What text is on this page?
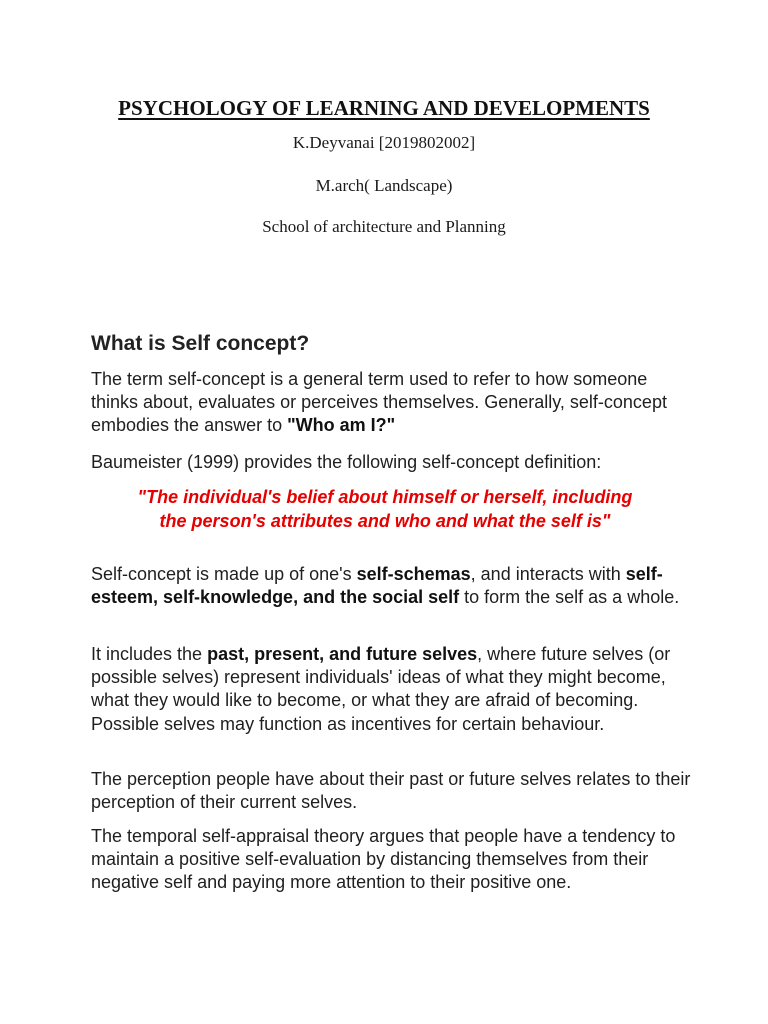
PSYCHOLOGY OF LEARNING AND DEVELOPMENTS
K.Deyvanai [2019802002]
M.arch( Landscape)
School of architecture and Planning
What is Self concept?
The term self-concept is a general term used to refer to how someone thinks about, evaluates or perceives themselves. Generally, self-concept embodies the answer to "Who am I?"
Baumeister (1999) provides the following self-concept definition:
"The individual's belief about himself or herself, including
the person's attributes and who and what the self is"
Self-concept is made up of one's self-schemas, and interacts with self-esteem, self-knowledge, and the social self to form the self as a whole.
It includes the past, present, and future selves, where future selves (or possible selves) represent individuals' ideas of what they might become, what they would like to become, or what they are afraid of becoming. Possible selves may function as incentives for certain behaviour.
The perception people have about their past or future selves relates to their perception of their current selves.
The temporal self-appraisal theory argues that people have a tendency to maintain a positive self-evaluation by distancing themselves from their negative self and paying more attention to their positive one.
